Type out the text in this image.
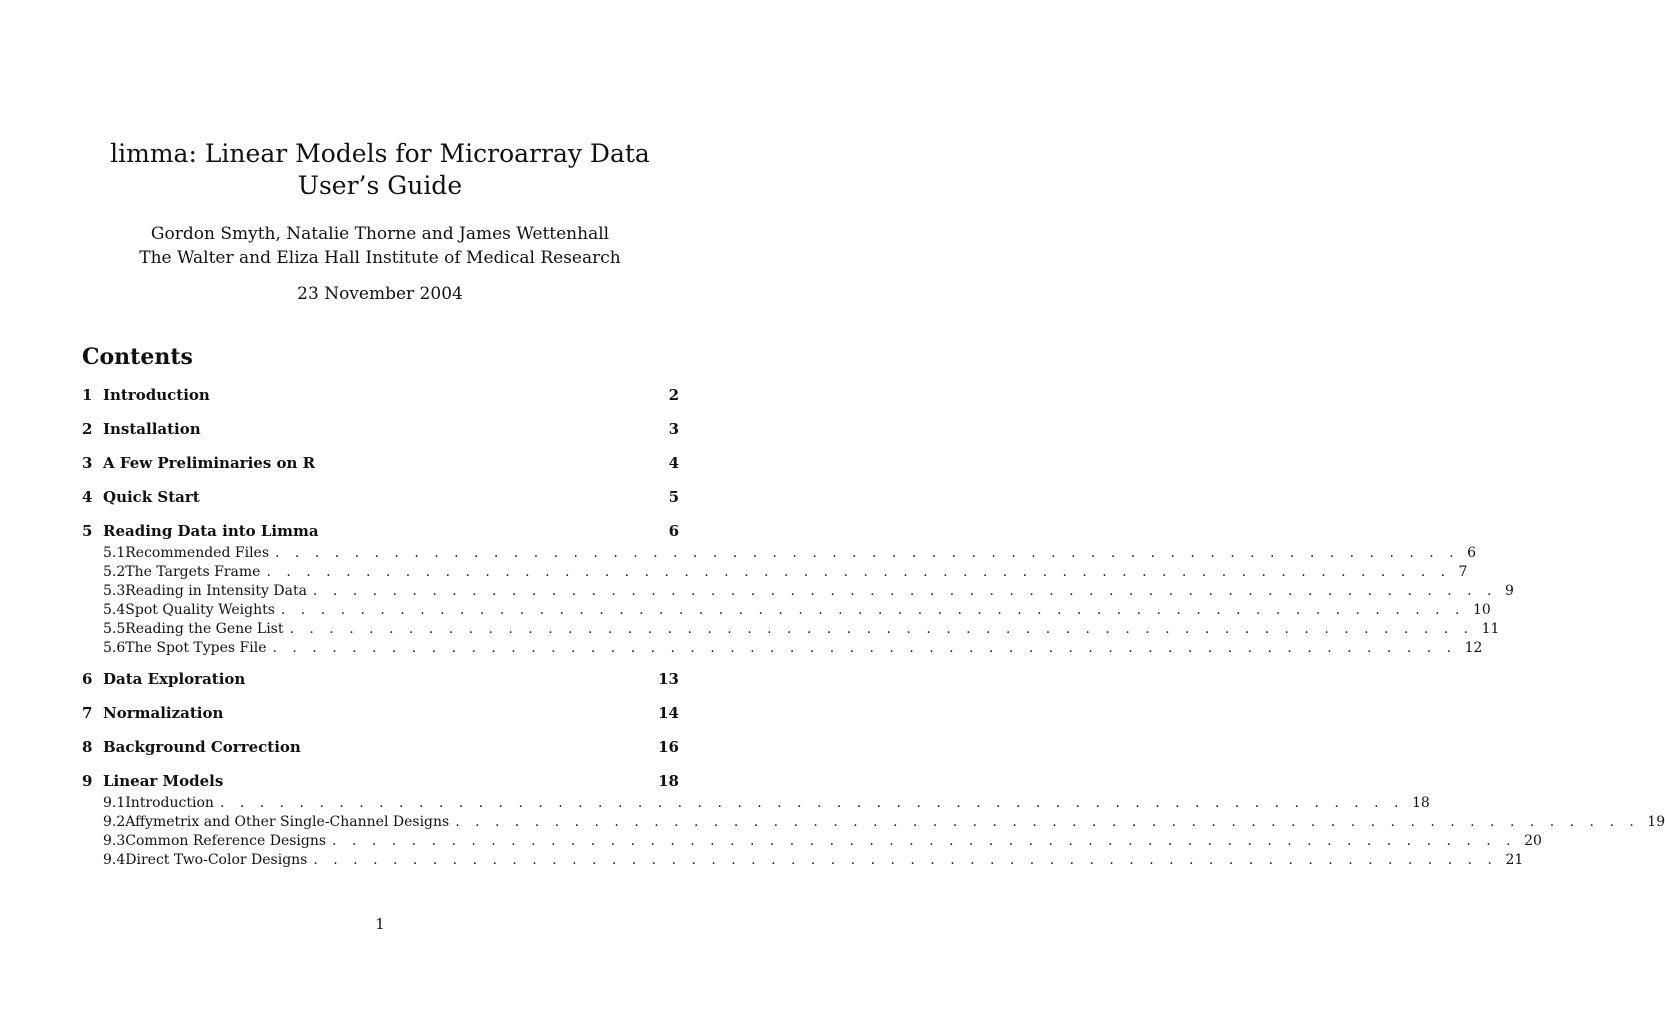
limma: Linear Models for Microarray Data
User’s Guide
Gordon Smyth, Natalie Thorne and James Wettenhall
The Walter and Eliza Hall Institute of Medical Research
23 November 2004
Contents
1 Introduction	2
2 Installation	3
3 A Few Preliminaries on R	4
4 Quick Start	5
5 Reading Data into Limma	6
5.1 Recommended Files . . . . . . . . . . . . . . . . . . . . . . . . . . . . . . . . . . . . . . . . . . . . . . . . . . . . . . . . . . . . 6
5.2 The Targets Frame . . . . . . . . . . . . . . . . . . . . . . . . . . . . . . . . . . . . . . . . . . . . . . . . . . . . . . . . . . . . 7
5.3 Reading in Intensity Data . . . . . . . . . . . . . . . . . . . . . . . . . . . . . . . . . . . . . . . . . . . . . . . . . . . . . . . . . . . . 9
5.4 Spot Quality Weights . . . . . . . . . . . . . . . . . . . . . . . . . . . . . . . . . . . . . . . . . . . . . . . . . . . . . . . . . . . . 10
5.5 Reading the Gene List . . . . . . . . . . . . . . . . . . . . . . . . . . . . . . . . . . . . . . . . . . . . . . . . . . . . . . . . . . . . 11
5.6 The Spot Types File . . . . . . . . . . . . . . . . . . . . . . . . . . . . . . . . . . . . . . . . . . . . . . . . . . . . . . . . . . . . 12
6 Data Exploration	13
7 Normalization	14
8 Background Correction	16
9 Linear Models	18
9.1 Introduction . . . . . . . . . . . . . . . . . . . . . . . . . . . . . . . . . . . . . . . . . . . . . . . . . . . . . . . . . . . . 18
9.2 Affymetrix and Other Single-Channel Designs . . . . . . . . . . . . . . . . . . . . . . . . . . . . . . . . . . . . . . . . . . . . . . . . . . . . . . . . . . . . 19
9.3 Common Reference Designs . . . . . . . . . . . . . . . . . . . . . . . . . . . . . . . . . . . . . . . . . . . . . . . . . . . . . . . . . . . . 20
9.4 Direct Two-Color Designs . . . . . . . . . . . . . . . . . . . . . . . . . . . . . . . . . . . . . . . . . . . . . . . . . . . . . . . . . . . . 21
1
